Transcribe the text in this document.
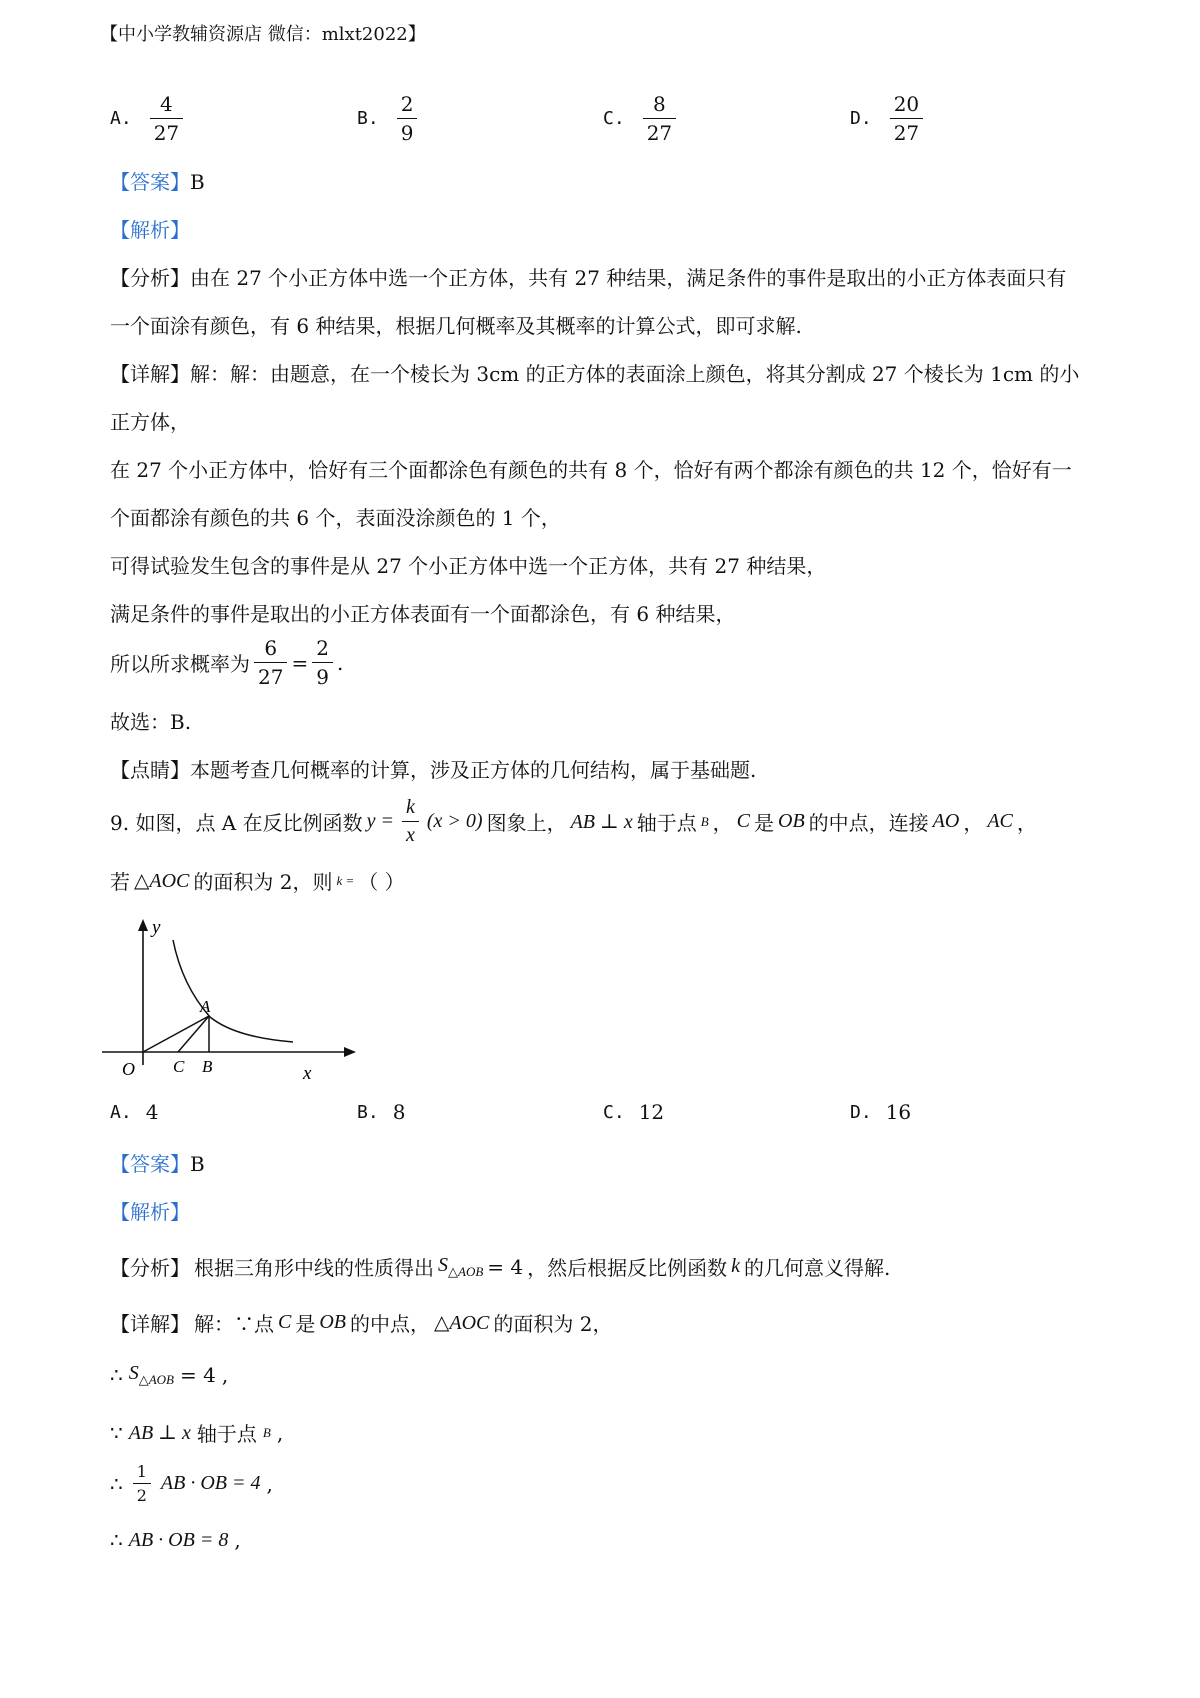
【中小学教辅资源店 微信：mlxt2022】
A. $\frac{4}{27}$	B. $\frac{2}{9}$	C. $\frac{8}{27}$	D. $\frac{20}{27}$
【答案】B
【解析】
【分析】由在 27 个小正方体中选一个正方体，共有 27 种结果，满足条件的事件是取出的小正方体表面只有
一个面涂有颜色，有 6 种结果，根据几何概率及其概率的计算公式，即可求解.
【详解】解：解：由题意，在一个棱长为 3cm 的正方体的表面涂上颜色，将其分割成 27 个棱长为 1cm 的小
正方体，
在 27 个小正方体中，恰好有三个面都涂色有颜色的共有 8 个，恰好有两个都涂有颜色的共 12 个，恰好有一
个面都涂有颜色的共 6 个，表面没涂颜色的 1 个，
可得试验发生包含的事件是从 27 个小正方体中选一个正方体，共有 27 种结果，
满足条件的事件是取出的小正方体表面有一个面都涂色，有 6 种结果，
所以所求概率为 $\frac{6}{27} = \frac{2}{9}$ .
故选：B.
【点睛】本题考查几何概率的计算，涉及正方体的几何结构，属于基础题.
9. 如图，点 A 在反比例函数 $y = \frac{k}{x} (x > 0)$ 图象上， AB ⊥ x 轴于点 B ， C 是 OB 的中点，连接 AO ， AC ，
若 △AOC 的面积为 2，则 k = （ ）
y
A
O C B	x
A. 4	B. 8	C. 12	D. 16
【答案】B
【解析】
【分析】 根据三角形中线的性质得出 $S_{\triangle AOB} = 4$ ，然后根据反比例函数 k 的几何意义得解.
【详解】 解：∵点 C 是 OB 的中点， △AOC 的面积为 2，
∴ $S_{\triangle AOB} = 4$ ,
∵ AB ⊥ x 轴于点 B ,
∴ $\frac{1}{2}$ AB · OB = 4 ,
∴ AB · OB = 8 ,
